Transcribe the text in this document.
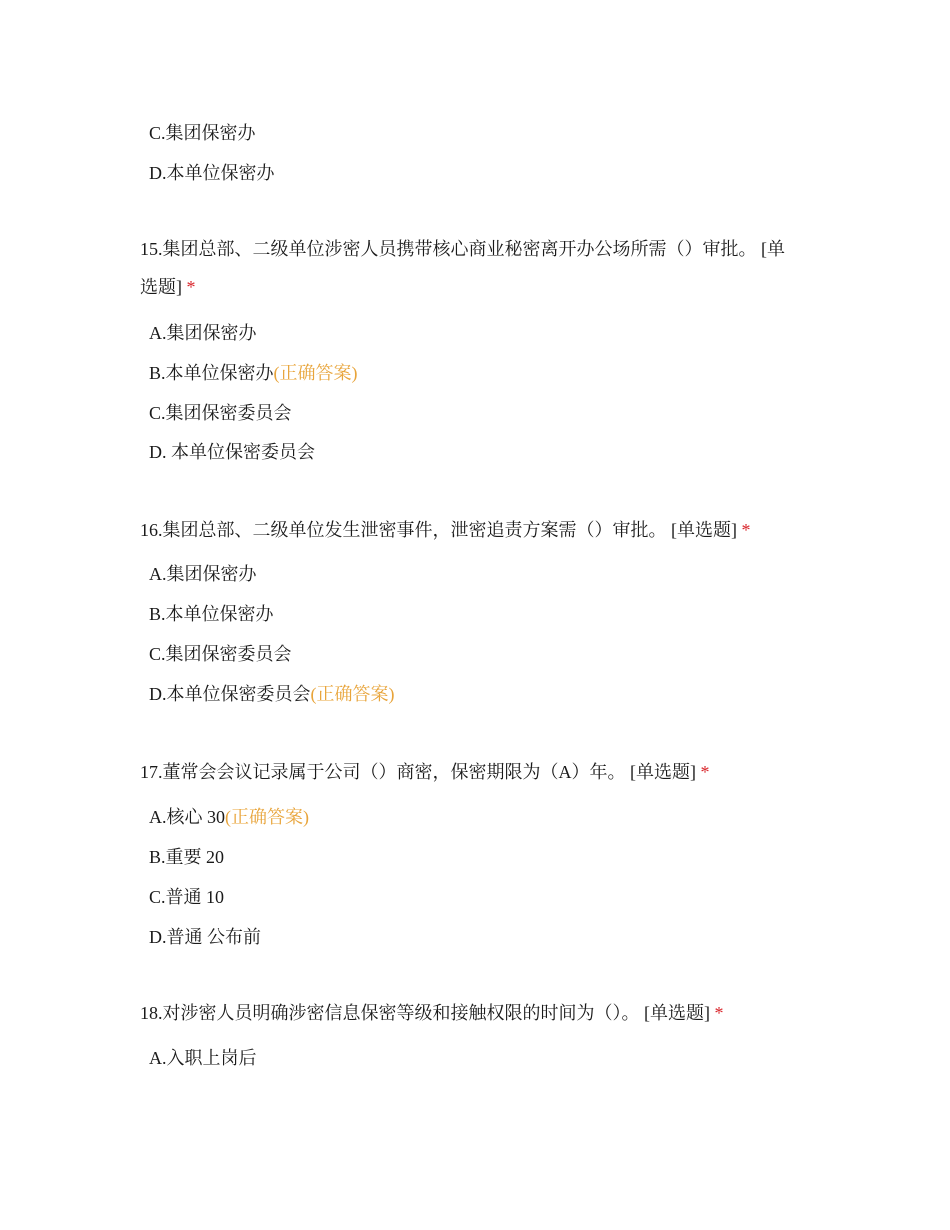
C.集团保密办
D.本单位保密办
15.集团总部、二级单位涉密人员携带核心商业秘密离开办公场所需（）审批。 [单
选题] *
A.集团保密办
B.本单位保密办(正确答案)
C.集团保密委员会
D. 本单位保密委员会
16.集团总部、二级单位发生泄密事件，泄密追责方案需（）审批。 [单选题] *
A.集团保密办
B.本单位保密办
C.集团保密委员会
D.本单位保密委员会(正确答案)
17.董常会会议记录属于公司（）商密，保密期限为（A）年。 [单选题] *
A.核心 30(正确答案)
B.重要 20
C.普通 10
D.普通 公布前
18.对涉密人员明确涉密信息保密等级和接触权限的时间为（）。 [单选题] *
A.入职上岗后
